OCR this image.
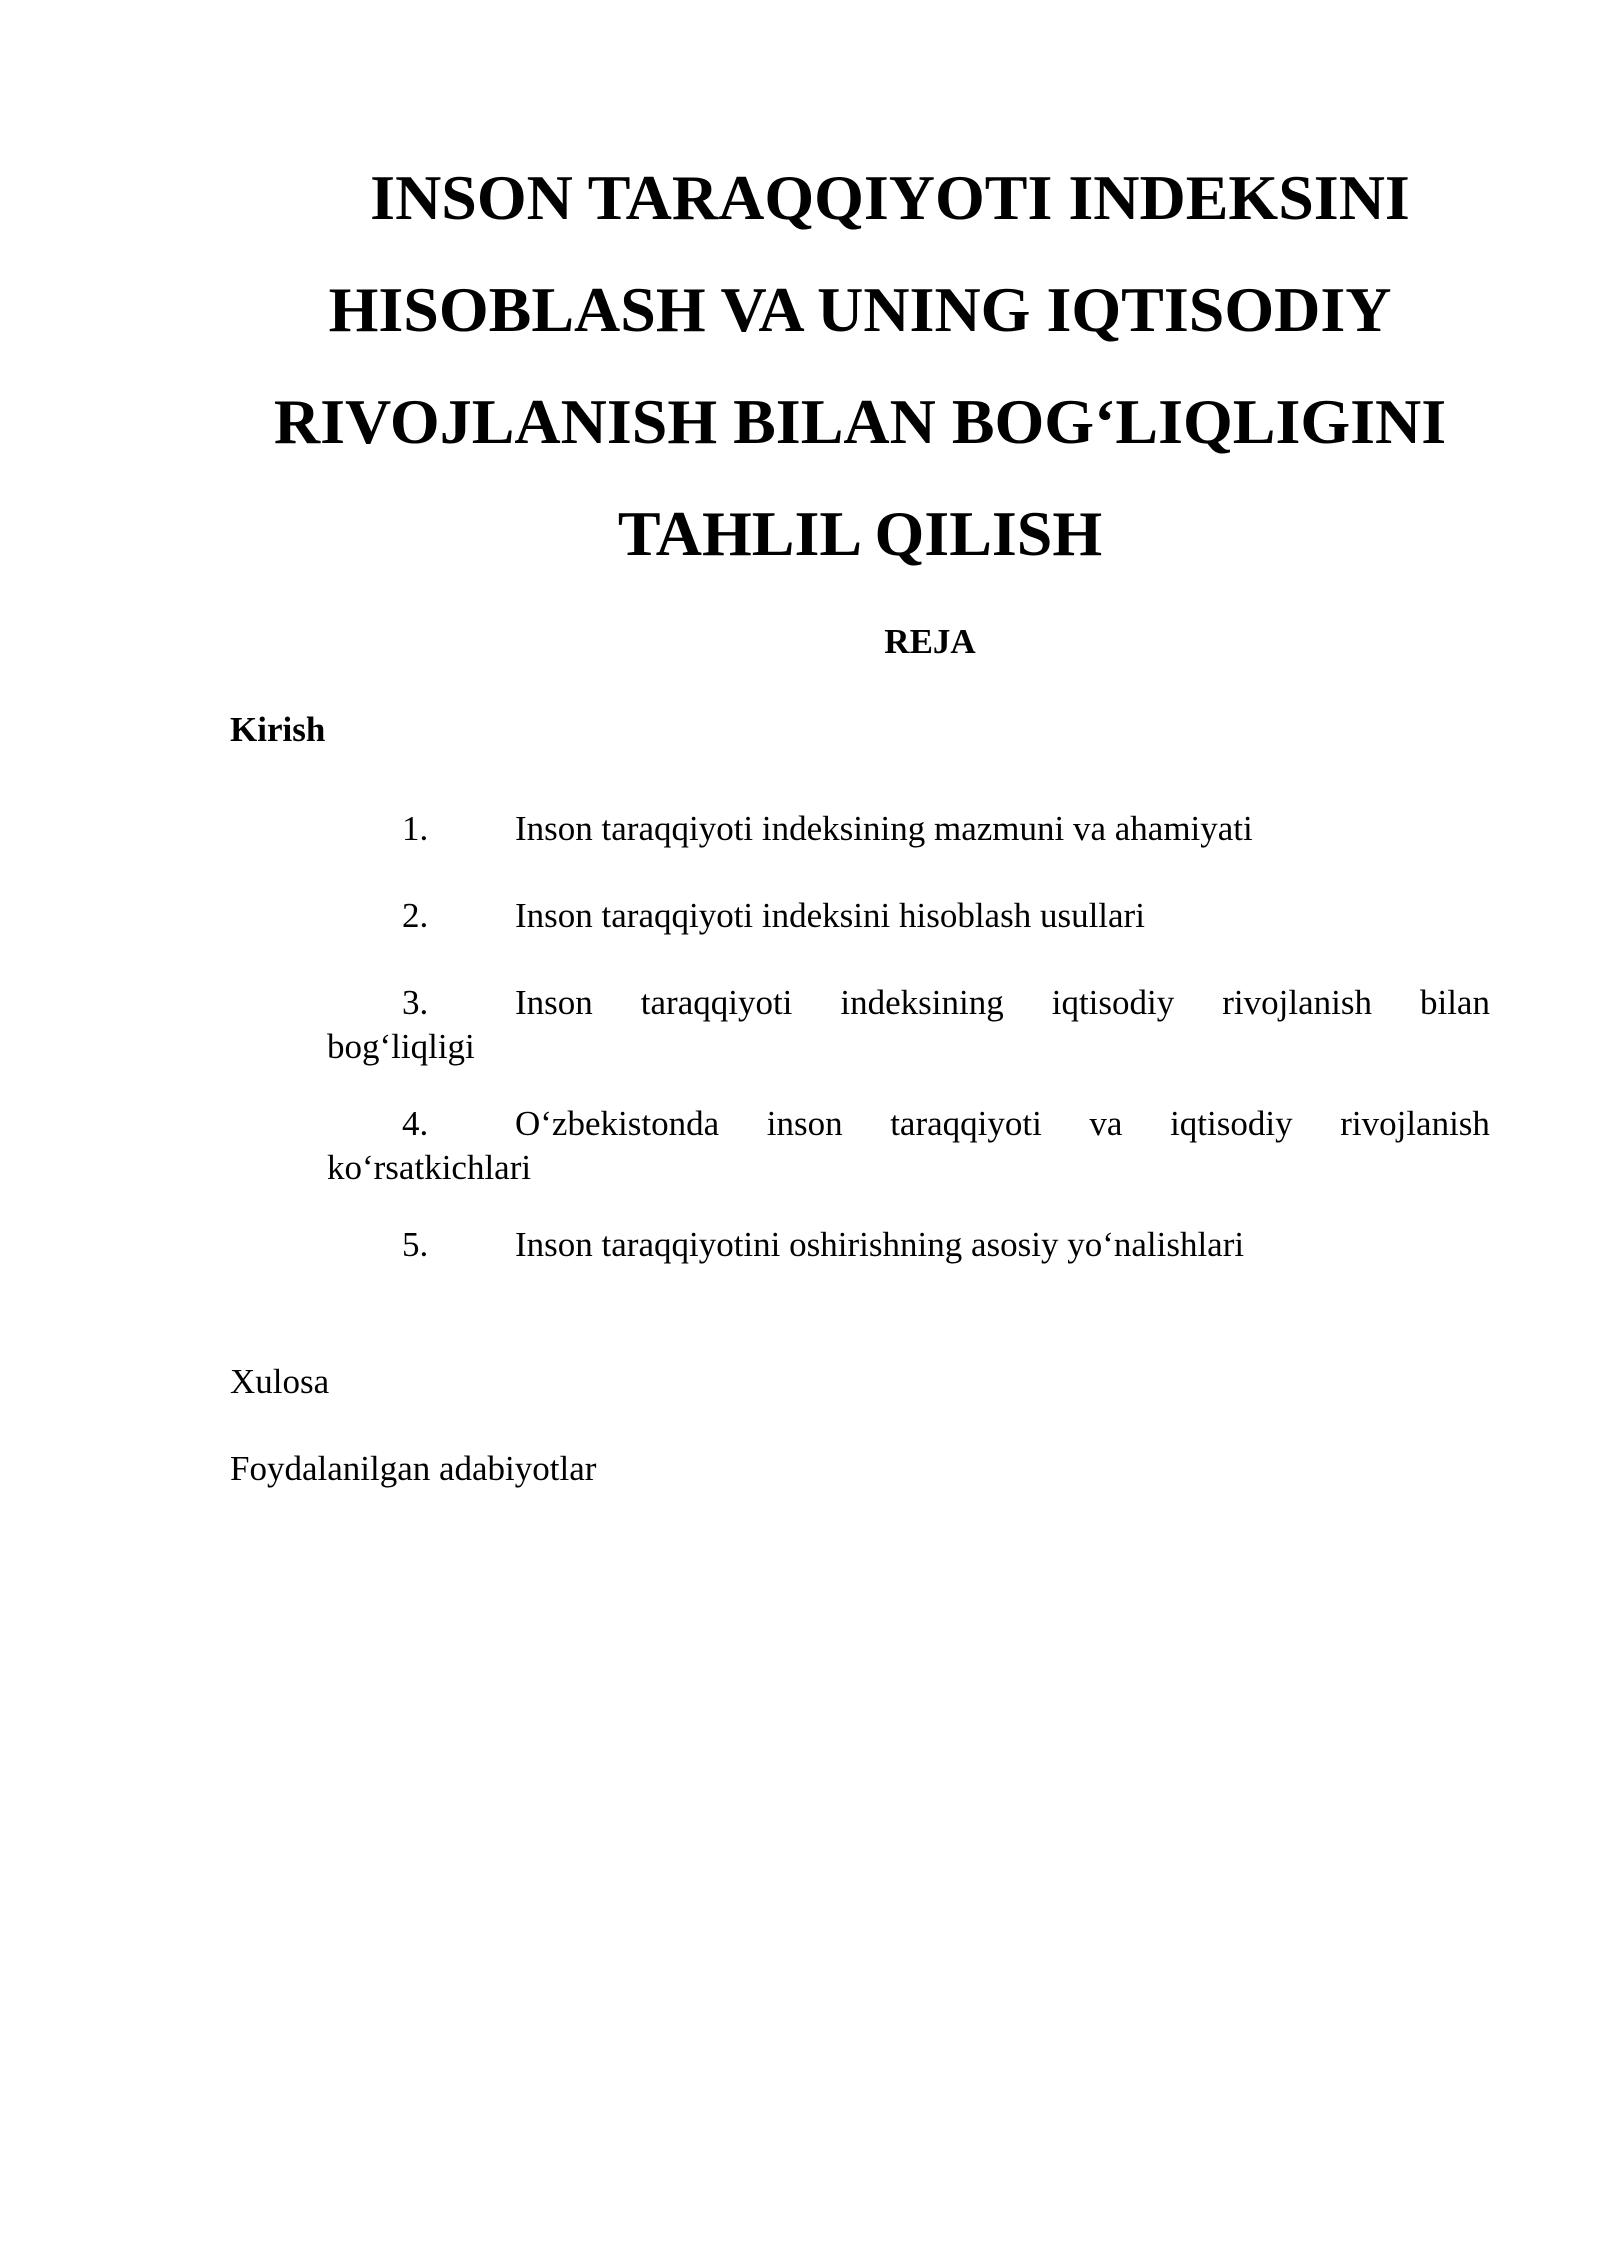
INSON TARAQQIYOTI INDEKSINI
HISOBLASH VA UNING IQTISODIY
RIVOJLANISH BILAN BOG‘LIQLIGINI
TAHLIL QILISH
REJA

Kirish

1.	Inson taraqqiyoti indeksining mazmuni va ahamiyati
2.	Inson taraqqiyoti indeksini hisoblash usullari
3.	Inson taraqqiyoti indeksining iqtisodiy rivojlanish bilan
bog‘liqligi
4.	O‘zbekistonda inson taraqqiyoti va iqtisodiy rivojlanish
ko‘rsatkichlari
5.	Inson taraqqiyotini oshirishning asosiy yo‘nalishlari

Xulosa

Foydalanilgan adabiyotlar
